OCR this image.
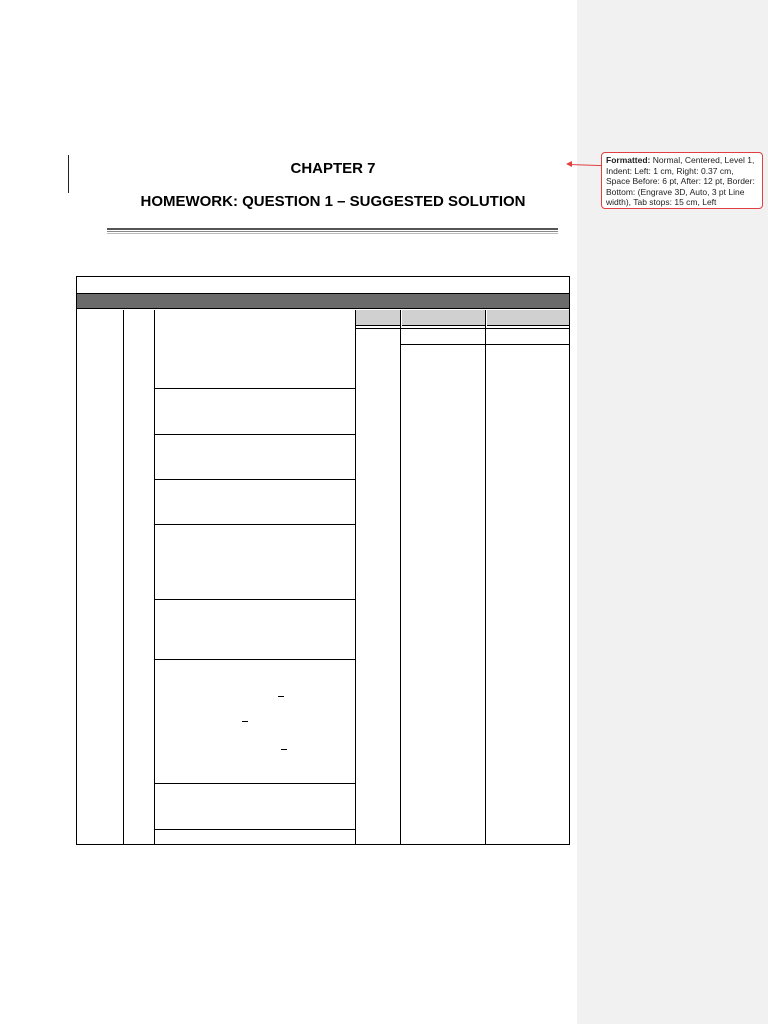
CHAPTER 7
HOMEWORK: QUESTION 1 – SUGGESTED SOLUTION
Formatted: Normal, Centered, Level 1, Indent: Left: 1 cm, Right: 0.37 cm, Space Before: 6 pt, After: 12 pt, Border: Bottom: (Engrave 3D, Auto, 3 pt Line width), Tab stops: 15 cm, Left
